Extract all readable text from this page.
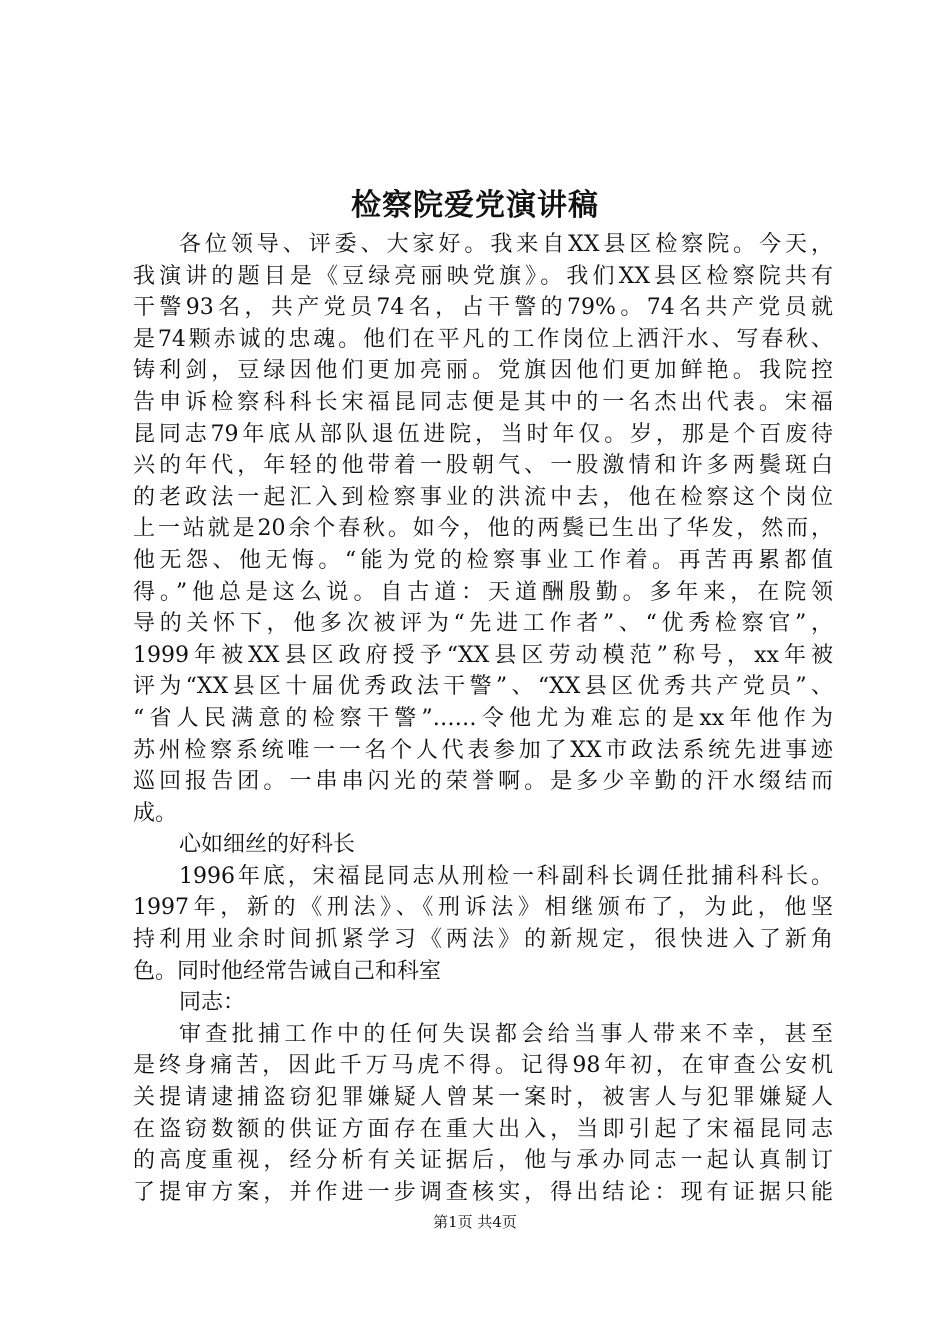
检察院爱党演讲稿
各位领导、评委、大家好。我来自XX县区检察院。今天，
我演讲的题目是《豆绿亮丽映党旗》。我们XX县区检察院共有
干警93名，共产党员74名，占干警的79%。74名共产党员就
是74颗赤诚的忠魂。他们在平凡的工作岗位上洒汗水、写春秋、
铸利剑，豆绿因他们更加亮丽。党旗因他们更加鲜艳。我院控
告申诉检察科科长宋福昆同志便是其中的一名杰出代表。宋福
昆同志79年底从部队退伍进院，当时年仅。岁，那是个百废待
兴的年代，年轻的他带着一股朝气、一股激情和许多两鬓斑白
的老政法一起汇入到检察事业的洪流中去，他在检察这个岗位
上一站就是20余个春秋。如今，他的两鬓已生出了华发，然而，
他无怨、他无悔。“能为党的检察事业工作着。再苦再累都值
得。”他总是这么说。自古道：天道酬殷勤。多年来，在院领
导的关怀下，他多次被评为“先进工作者”、“优秀检察官”，
1999年被XX县区政府授予“XX县区劳动模范”称号，xx年被
评为“XX县区十届优秀政法干警”、“XX县区优秀共产党员”、
“省人民满意的检察干警”……令他尤为难忘的是xx年他作为
苏州检察系统唯一一名个人代表参加了XX市政法系统先进事迹
巡回报告团。一串串闪光的荣誉啊。是多少辛勤的汗水缀结而
成。
心如细丝的好科长
1996年底，宋福昆同志从刑检一科副科长调任批捕科科长。
1997年，新的《刑法》、《刑诉法》相继颁布了，为此，他坚
持利用业余时间抓紧学习《两法》的新规定，很快进入了新角
色。同时他经常告诫自己和科室
同志：
审查批捕工作中的任何失误都会给当事人带来不幸，甚至
是终身痛苦，因此千万马虎不得。记得98年初，在审查公安机
关提请逮捕盗窃犯罪嫌疑人曾某一案时，被害人与犯罪嫌疑人
在盗窃数额的供证方面存在重大出入，当即引起了宋福昆同志
的高度重视，经分析有关证据后，他与承办同志一起认真制订
了提审方案，并作进一步调查核实，得出结论：现有证据只能
第1页 共4页
